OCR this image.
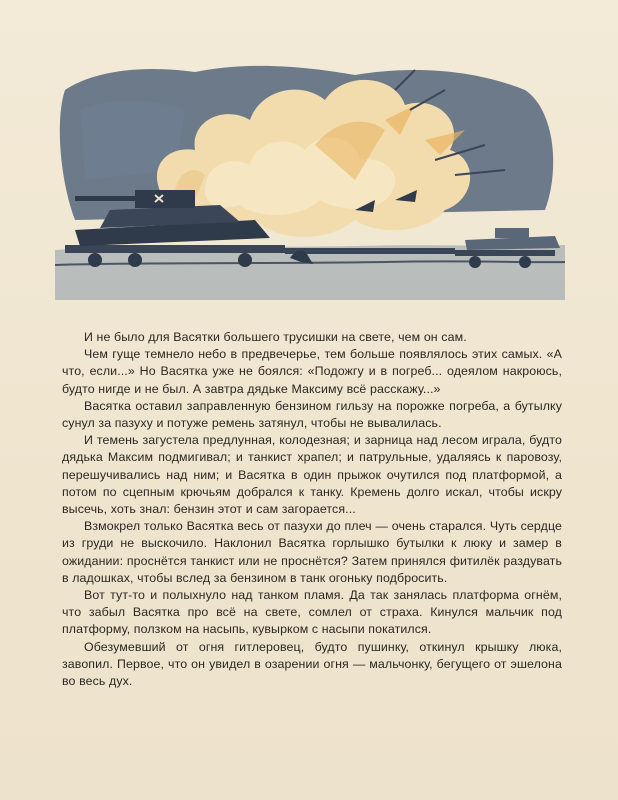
И не было для Васятки большего трусишки на свете, чем он сам.

Чем гуще темнело небо в предвечерье, тем больше появлялось этих самых. «А что, если...» Но Васятка уже не боялся: «Подожгу и в погреб... одеялом накроюсь, будто нигде и не был. А завтра дядьке Максиму всё расскажу...»

Васятка оставил заправленную бензином гильзу на порожке погреба, а бутылку сунул за пазуху и потуже ремень затянул, чтобы не вывалилась.

И темень загустела предлунная, колодезная; и зарница над лесом играла, будто дядька Максим подмигивал; и танкист храпел; и патрульные, удаляясь к паровозу, перешучивались над ним; и Васятка в один прыжок очутился под платформой, а потом по сцепным крючьям добрался к танку. Кремень долго искал, чтобы искру высечь, хоть знал: бензин этот и сам загорается...

Взмокрел только Васятка весь от пазухи до плеч — очень старался. Чуть сердце из груди не выскочило. Наклонил Васятка горлышко бутылки к люку и замер в ожидании: проснётся танкист или не проснётся? Затем принялся фитилёк раздувать в ладошках, чтобы вслед за бензином в танк огоньку подбросить.

Вот тут-то и полыхнуло над танком пламя. Да так занялась платформа огнём, что забыл Васятка про всё на свете, сомлел от страха. Кинулся мальчик под платформу, ползком на насыпь, кувырком с насыпи покатился.

Обезумевший от огня гитлеровец, будто пушинку, откинул крышку люка, завопил. Первое, что он увидел в озарении огня — мальчонку, бегущего от эшелона во весь дух.
